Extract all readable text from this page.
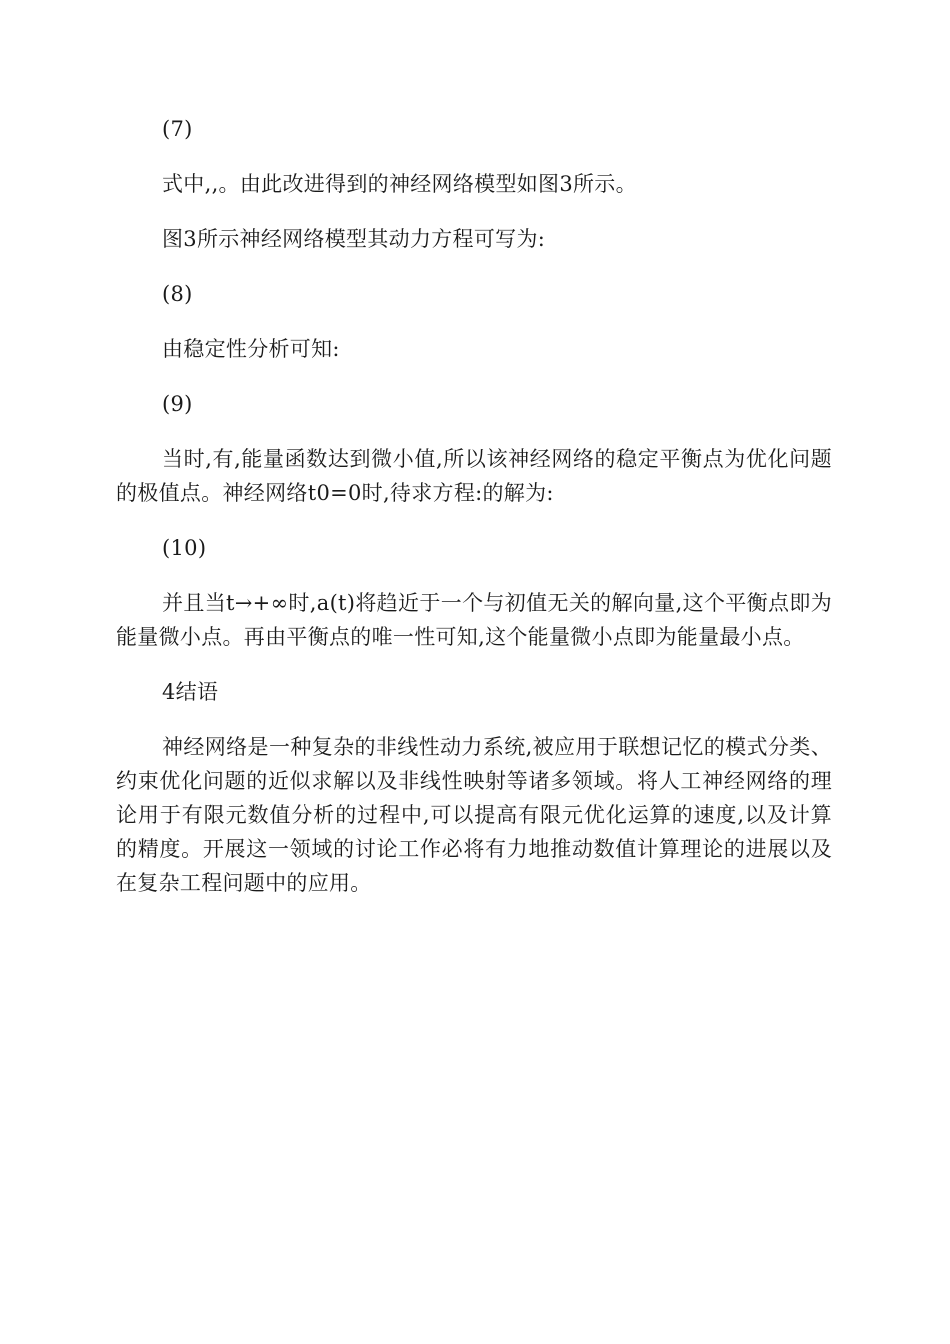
(7)

式中,,。由此改进得到的神经网络模型如图3所示。

图3所示神经网络模型其动力方程可写为:

(8)

由稳定性分析可知:

(9)

当时,有,能量函数达到微小值,所以该神经网络的稳定平衡点为优化问题的极值点。神经网络t0=0时,待求方程:的解为:

(10)

并且当t→+∞时,a(t)将趋近于一个与初值无关的解向量,这个平衡点即为能量微小点。再由平衡点的唯一性可知,这个能量微小点即为能量最小点。

4结语

神经网络是一种复杂的非线性动力系统,被应用于联想记忆的模式分类、约束优化问题的近似求解以及非线性映射等诸多领域。将人工神经网络的理论用于有限元数值分析的过程中,可以提高有限元优化运算的速度,以及计算的精度。开展这一领域的讨论工作必将有力地推动数值计算理论的进展以及在复杂工程问题中的应用。
